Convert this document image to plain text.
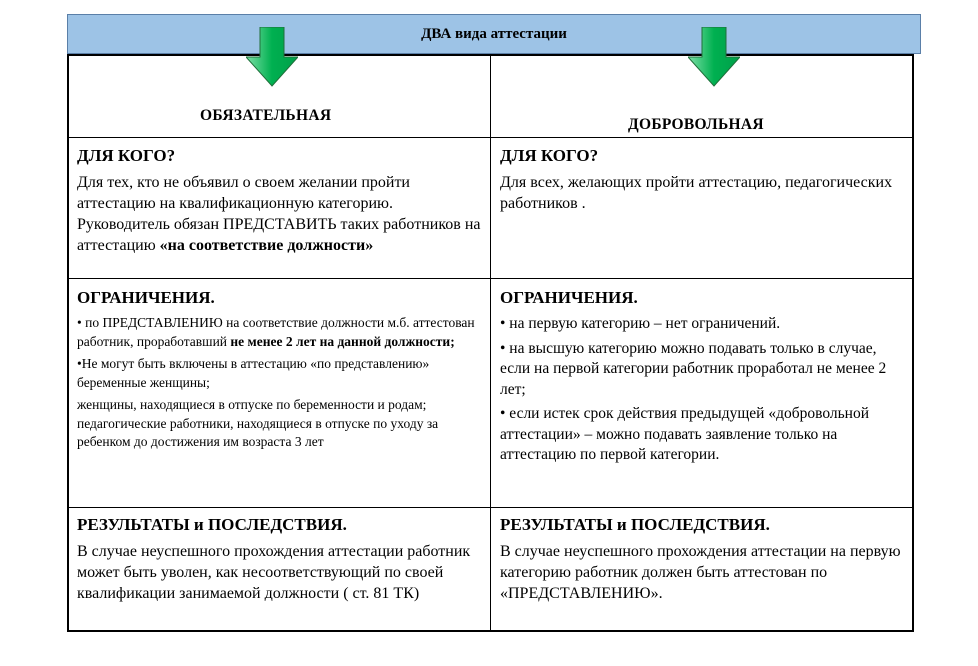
ДВА вида аттестации
ОБЯЗАТЕЛЬНАЯ
ДОБРОВОЛЬНАЯ

ДЛЯ КОГО?

Для тех, кто не объявил о своем желании пройти аттестацию на квалификационную категорию. Руководитель обязан ПРЕДСТАВИТЬ таких работников на аттестацию «на соответствие должности»

ДЛЯ КОГО?

Для всех, желающих пройти аттестацию, педагогических работников .

ОГРАНИЧЕНИЯ.

• по ПРЕДСТАВЛЕНИЮ на соответствие должности м.б. аттестован работник, проработавший не менее 2 лет на данной должности;

•Не могут быть включены в аттестацию «по представлению» беременные женщины;

женщины, находящиеся в отпуске по беременности и родам; педагогические работники, находящиеся в отпуске по уходу за ребенком до достижения им возраста 3 лет

ОГРАНИЧЕНИЯ.

• на первую категорию – нет ограничений.

• на высшую категорию можно подавать только в случае, если на первой категории работник проработал не менее 2 лет;

• если истек срок действия предыдущей «добровольной аттестации» – можно подавать заявление только на аттестацию по первой категории.

РЕЗУЛЬТАТЫ и ПОСЛЕДСТВИЯ.

В случае неуспешного прохождения аттестации работник может быть уволен, как несоответствующий по своей квалификации занимаемой должности ( ст. 81 ТК)

РЕЗУЛЬТАТЫ и ПОСЛЕДСТВИЯ.

В случае неуспешного прохождения аттестации на первую категорию работник должен быть аттестован по «ПРЕДСТАВЛЕНИЮ».
